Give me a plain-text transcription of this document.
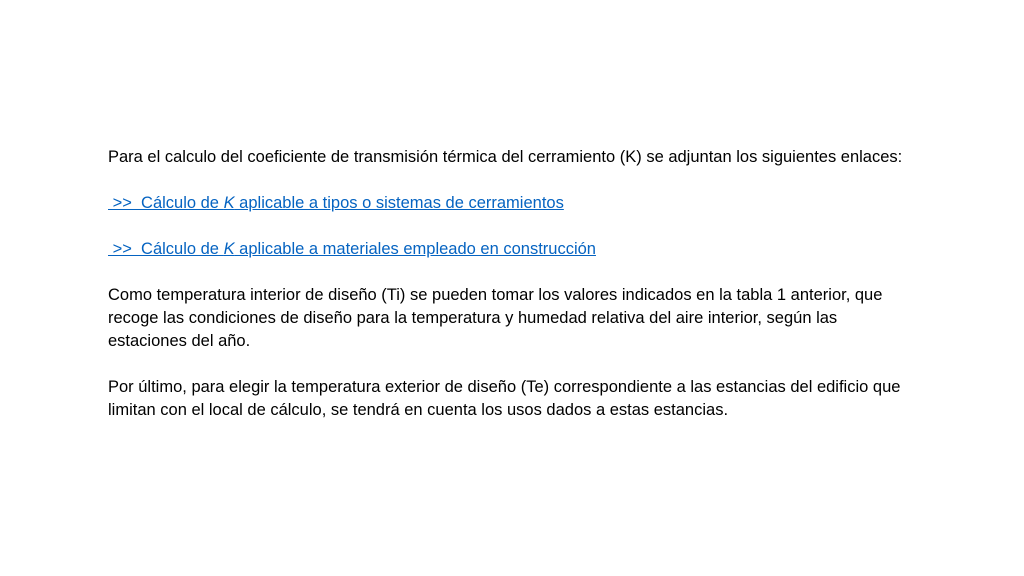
Para el calculo del coeficiente de transmisión térmica del cerramiento (K) se adjuntan los siguientes enlaces:

>>  Cálculo de K aplicable a tipos o sistemas de cerramientos

>>  Cálculo de K aplicable a materiales empleado en construcción

Como temperatura interior de diseño (Ti) se pueden tomar los valores indicados en la tabla 1 anterior, que recoge las condiciones de diseño para la temperatura y humedad relativa del aire interior, según las estaciones del año.

Por último, para elegir la temperatura exterior de diseño (Te) correspondiente a las estancias del edificio que limitan con el local de cálculo, se tendrá en cuenta los usos dados a estas estancias.
